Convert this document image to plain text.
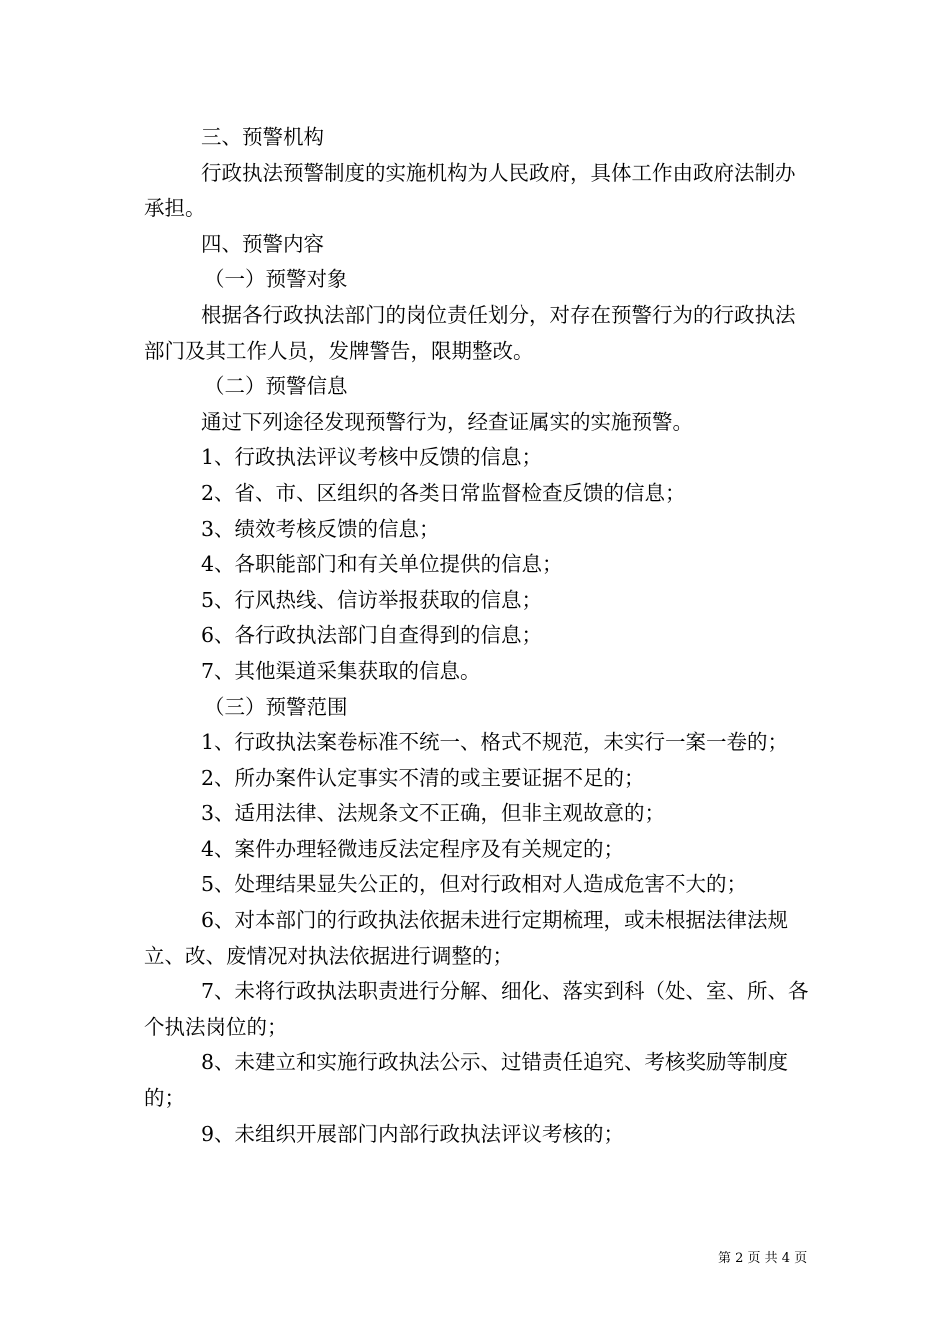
三、预警机构

行政执法预警制度的实施机构为人民政府，具体工作由政府法制办承担。

四、预警内容

（一）预警对象

根据各行政执法部门的岗位责任划分，对存在预警行为的行政执法部门及其工作人员，发牌警告，限期整改。

（二）预警信息

通过下列途径发现预警行为，经查证属实的实施预警。

1、行政执法评议考核中反馈的信息；

2、省、市、区组织的各类日常监督检查反馈的信息；

3、绩效考核反馈的信息；

4、各职能部门和有关单位提供的信息；

5、行风热线、信访举报获取的信息；

6、各行政执法部门自查得到的信息；

7、其他渠道采集获取的信息。

（三）预警范围

1、行政执法案卷标准不统一、格式不规范，未实行一案一卷的；

2、所办案件认定事实不清的或主要证据不足的；

3、适用法律、法规条文不正确，但非主观故意的；

4、案件办理轻微违反法定程序及有关规定的；

5、处理结果显失公正的，但对行政相对人造成危害不大的；

6、对本部门的行政执法依据未进行定期梳理，或未根据法律法规立、改、废情况对执法依据进行调整的；

7、未将行政执法职责进行分解、细化、落实到科（处、室、所、各个执法岗位的；

8、未建立和实施行政执法公示、过错责任追究、考核奖励等制度的；

9、未组织开展部门内部行政执法评议考核的；

第 2 页 共 4 页
